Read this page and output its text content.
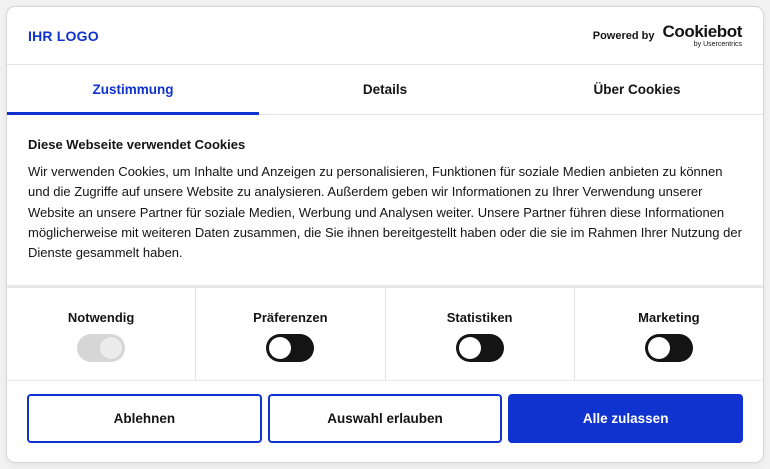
IHR LOGO	Powered by Cookiebot
by Usercentrics
Zustimmung	Details	Über Cookies
Diese Webseite verwendet Cookies

Wir verwenden Cookies, um Inhalte und Anzeigen zu personalisieren, Funktionen für soziale Medien anbieten zu können und die Zugriffe auf unsere Website zu analysieren. Außerdem geben wir Informationen zu Ihrer Verwendung unserer Website an unsere Partner für soziale Medien, Werbung und Analysen weiter. Unsere Partner führen diese Informationen möglicherweise mit weiteren Daten zusammen, die Sie ihnen bereitgestellt haben oder die sie im Rahmen Ihrer Nutzung der Dienste gesammelt haben.

Notwendig	Präferenzen	Statistiken	Marketing
Ablehnen	Auswahl erlauben	Alle zulassen
